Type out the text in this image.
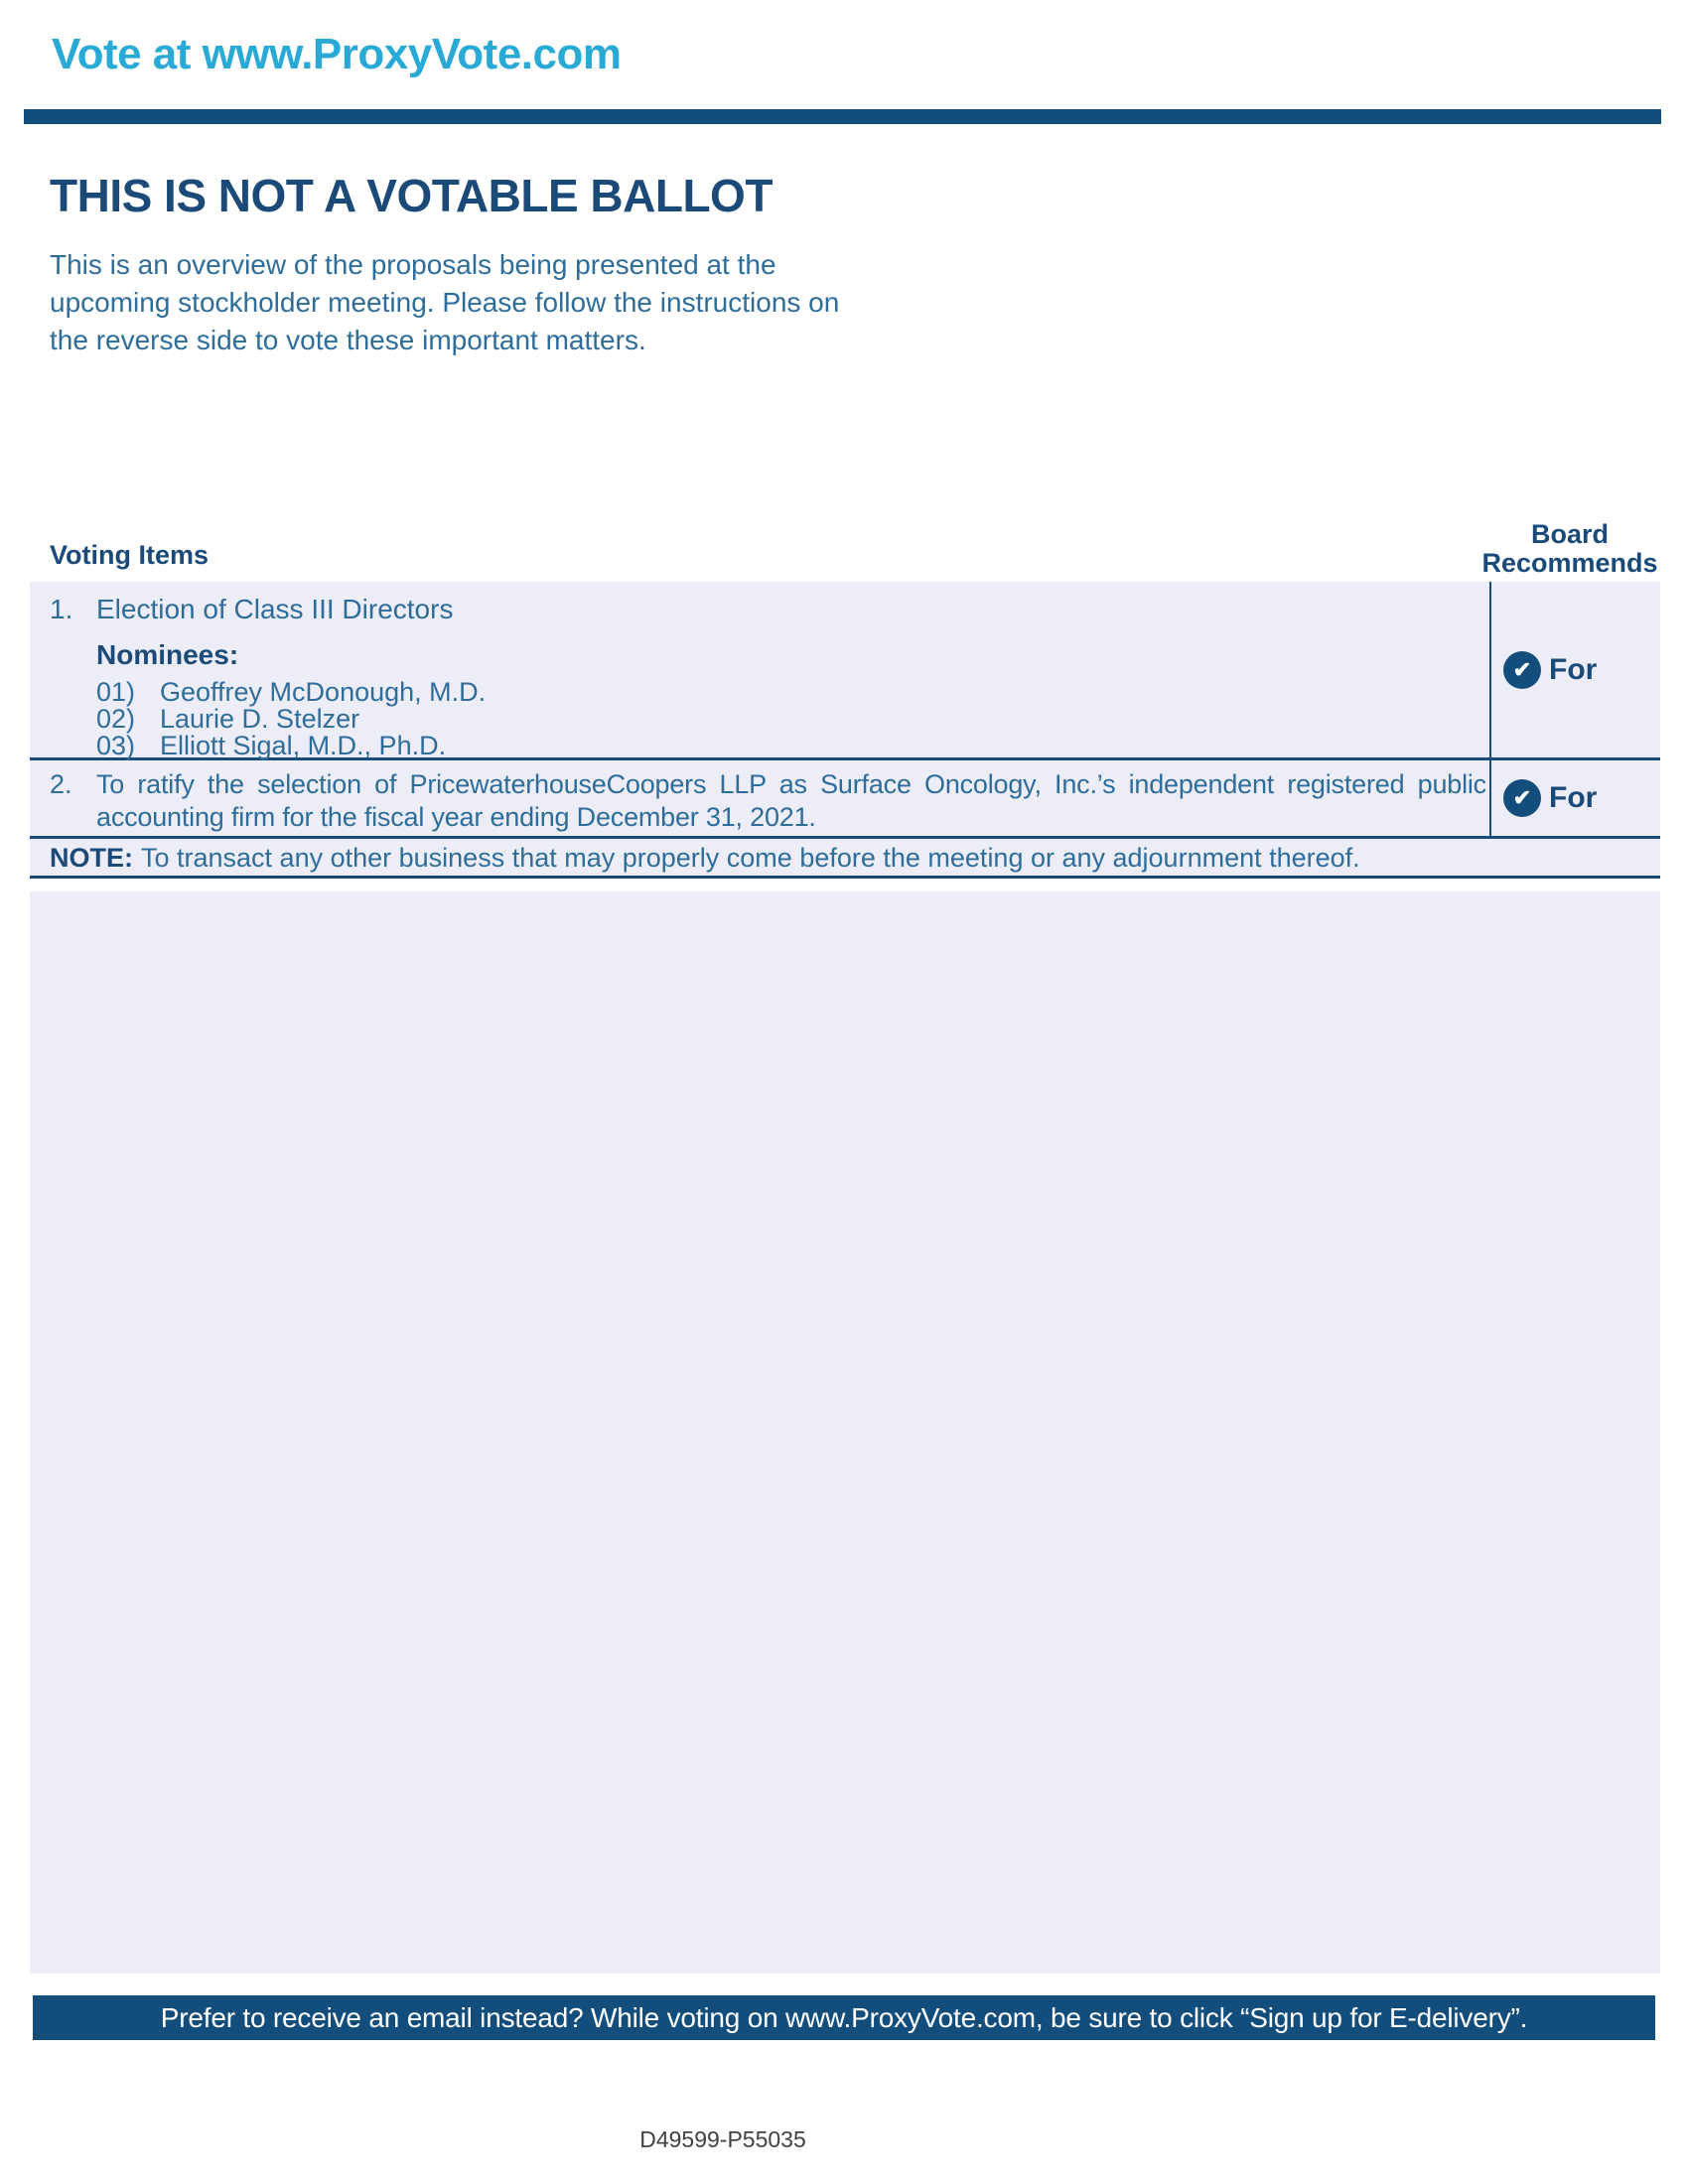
Vote at www.ProxyVote.com
THIS IS NOT A VOTABLE BALLOT
This is an overview of the proposals being presented at the
upcoming stockholder meeting. Please follow the instructions on
the reverse side to vote these important matters.
Voting Items
Board
Recommends
1. Election of Class III Directors
Nominees:
01) Geoffrey McDonough, M.D.
02) Laurie D. Stelzer
03) Elliott Sigal, M.D., Ph.D.
✔ For
2. To ratify the selection of PricewaterhouseCoopers LLP as Surface Oncology, Inc.’s independent registered public accounting firm for the fiscal year ending December 31, 2021.
✔ For
NOTE: To transact any other business that may properly come before the meeting or any adjournment thereof.
Prefer to receive an email instead? While voting on www.ProxyVote.com, be sure to click “Sign up for E-delivery”.
D49599-P55035
